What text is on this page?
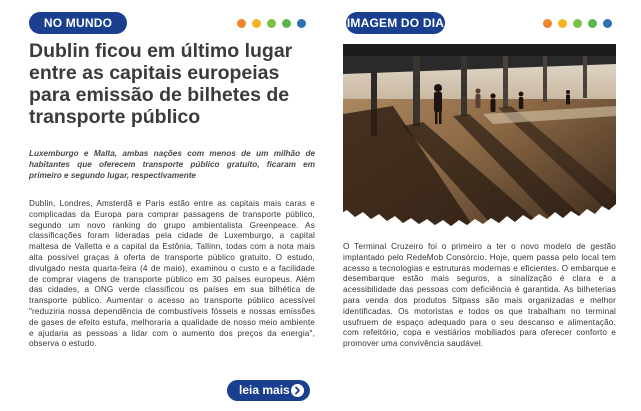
NO MUNDO
Dublin ficou em último lugar entre as capitais europeias para emissão de bilhetes de transporte público

Luxemburgo e Malta, ambas nações com menos de um milhão de habitantes que oferecem transporte público gratuito, ficaram em primeiro e segundo lugar, respectivamente

Dublin, Londres, Amsterdã e Paris estão entre as capitais mais caras e complicadas da Europa para comprar passagens de transporte público, segundo um novo ranking do grupo ambientalista Greenpeace. As classificações foram lideradas pela cidade de Luxemburgo, a capital maltesa de Valletta e a capital da Estônia, Tallinn, todas com a nota mais alta possível graças à oferta de transporte público gratuito. O estudo, divulgado nesta quarta-feira (4 de maio), examinou o custo e a facilidade de comprar viagens de transporte público em 30 países europeus. Além das cidades, a ONG verde classificou os países em sua bilhética de transporte público. Aumentar o acesso ao transporte público acessível "reduziria nossa dependência de combustíveis fósseis e nossas emissões de gases de efeito estufa, melhoraria a qualidade de nosso meio ambiente e ajudaria as pessoas a lidar com o aumento dos preços da energia", observa o estudo.

leia mais
IMAGEM DO DIA

O Terminal Cruzeiro foi o primeiro a ter o novo modelo de gestão implantado pelo RedeMob Consórcio. Hoje, quem passa pelo local tem acesso a tecnologias e estruturas modernas e eficientes. O embarque e desembarque estão mais seguros, a sinalização é clara e a acessibilidade das pessoas com deficiência é garantida. As bilheterias para venda dos produtos Sitpass são mais organizadas e melhor identificadas. Os motoristas e todos os que trabalham no terminal usufruem de espaço adequado para o seu descanso e alimentação, com refeitório, copa e vestiários mobiliados para oferecer conforto e promover uma convivência saudável.
